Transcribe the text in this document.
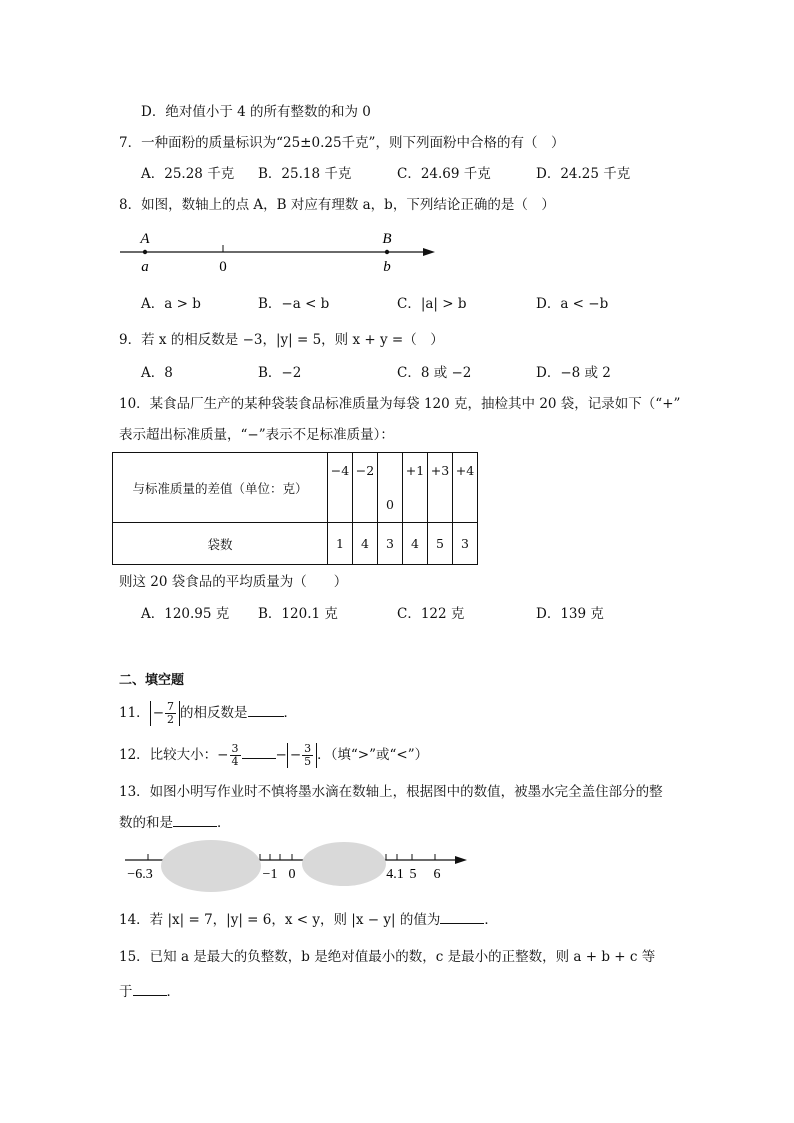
D．绝对值小于 4 的所有整数的和为 0
7．一种面粉的质量标识为“25±0.25千克”，则下列面粉中合格的有（　）
A．25.28 千克 B．25.18 千克	C．24.69 千克	D．24.25 千克
8．如图，数轴上的点 A，B 对应有理数 a，b，下列结论正确的是（　）
A	B
a	0	b
A．a > b	B．−a < b	C．|a| > b	D．a < −b
9．若 x 的相反数是 −3，|y| = 5，则 x + y =（　）
A．8	B．−2	C．8 或 −2	D．−8 或 2
10．某食品厂生产的某种袋装食品标准质量为每袋 120 克，抽检其中 20 袋，记录如下（“+”
表示超出标准质量，“−”表示不足标准质量）：
与标准质量的差值（单位：克）	−4	−2	0	+1	+3	+4
袋数	1	4	3	4	5	3
则这 20 袋食品的平均质量为（　　）
A．120.95 克 B．120.1 克	C．122 克	D．139 克
二、填空题
11． − $\frac{7}{2}$ 的相反数是	．
12．比较大小：− $\frac{3}{4}$	− − $\frac{3}{5}$ ．（填“>”或“<”）
13．如图小明写作业时不慎将墨水滴在数轴上，根据图中的数值，被墨水完全盖住部分的整
数的和是	．
−6.3	−1 0	4.1 5 6
14．若 |x| = 7，|y| = 6，x < y，则 |x − y| 的值为	．
15．已知 a 是最大的负整数，b 是绝对值最小的数，c 是最小的正整数，则 a + b + c 等
于	．
